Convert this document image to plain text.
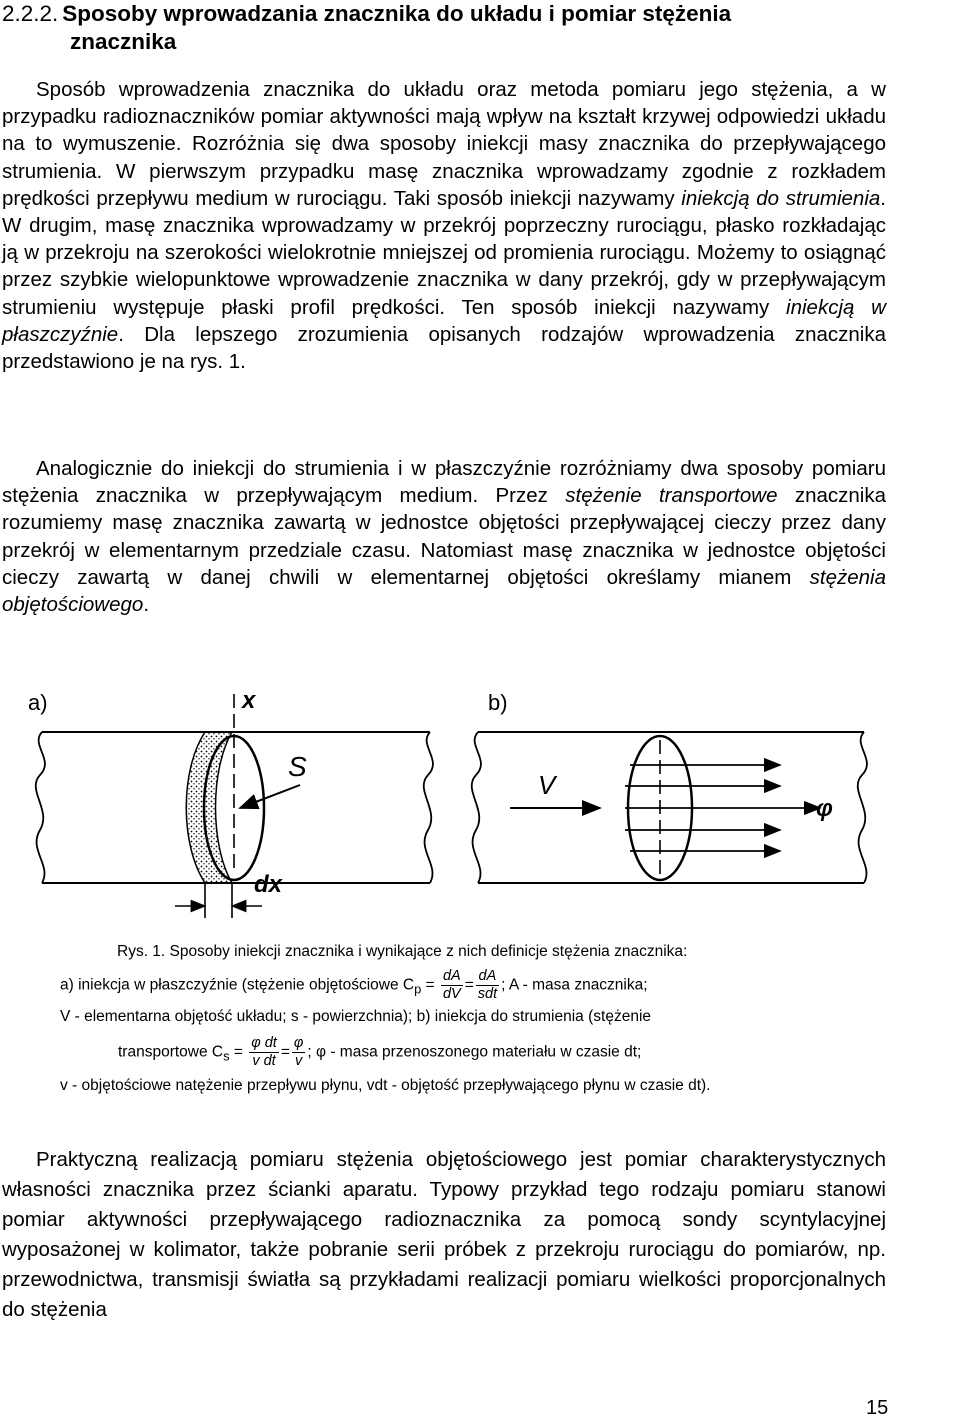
2.2.2. Sposoby wprowadzania znacznika do układu i pomiar stężenia
znacznika

Sposób wprowadzenia znacznika do układu oraz metoda pomiaru jego stężenia, a w przypadku radioznaczników pomiar aktywności mają wpływ na kształt krzywej odpowiedzi układu na to wymuszenie. Rozróżnia się dwa sposoby iniekcji masy znacznika do przepływającego strumienia. W pierwszym przypadku masę znacznika wprowadzamy zgodnie z rozkładem prędkości przepływu medium w rurociągu. Taki sposób iniekcji nazywamy iniekcją do strumienia. W drugim, masę znacznika wprowadzamy w przekrój poprzeczny rurociągu, płasko rozkładając ją w przekroju na szerokości wielokrotnie mniejszej od promienia rurociągu. Możemy to osiągnąć przez szybkie wielopunktowe wprowadzenie znacznika w dany przekrój, gdy w przepływającym strumieniu występuje płaski profil prędkości. Ten sposób iniekcji nazywamy iniekcją w płaszczyźnie. Dla lepszego zrozumienia opisanych rodzajów wprowadzenia znacznika przedstawiono je na rys. 1.

Analogicznie do iniekcji do strumienia i w płaszczyźnie rozróżniamy dwa sposoby pomiaru stężenia znacznika w przepływającym medium. Przez stężenie transportowe znacznika rozumiemy masę znacznika zawartą w jednostce objętości przepływającej cieczy przez dany przekrój w elementarnym przedziale czasu. Natomiast masę znacznika w jednostce objętości cieczy zawartą w danej chwili w elementarnej objętości określamy mianem stężenia objętościowego.

a)	b)
x
S
dx
V
φ
Rys. 1. Sposoby iniekcji znacznika i wynikające z nich definicje stężenia znacznika:
a) iniekcja w płaszczyźnie (stężenie objętościowe $C_p = \frac{dA}{dV} = \frac{dA}{\text{sdt}}$ ; A - masa znacznika;
V - elementarna objętość układu; s - powierzchnia); b) iniekcja do strumienia (stężenie
transportowe $C_s = \frac{\text{φ dt}}{\text{v dt}} = \frac{\varphi}{v}$ ; φ - masa przenoszonego materiału w czasie dt;
v - objętościowe natężenie przepływu płynu, vdt - objętość przepływającego płynu w czasie dt).

Praktyczną realizacją pomiaru stężenia objętościowego jest pomiar charakterystycznych własności znacznika przez ścianki aparatu. Typowy przykład tego rodzaju pomiaru stanowi pomiar aktywności przepływającego radioznacznika za pomocą sondy scyntylacyjnej wyposażonej w kolimator, także pobranie serii próbek z przekroju rurociągu do pomiarów, np. przewodnictwa, transmisji światła są przykładami realizacji pomiaru wielkości proporcjonalnych do stężenia

15
